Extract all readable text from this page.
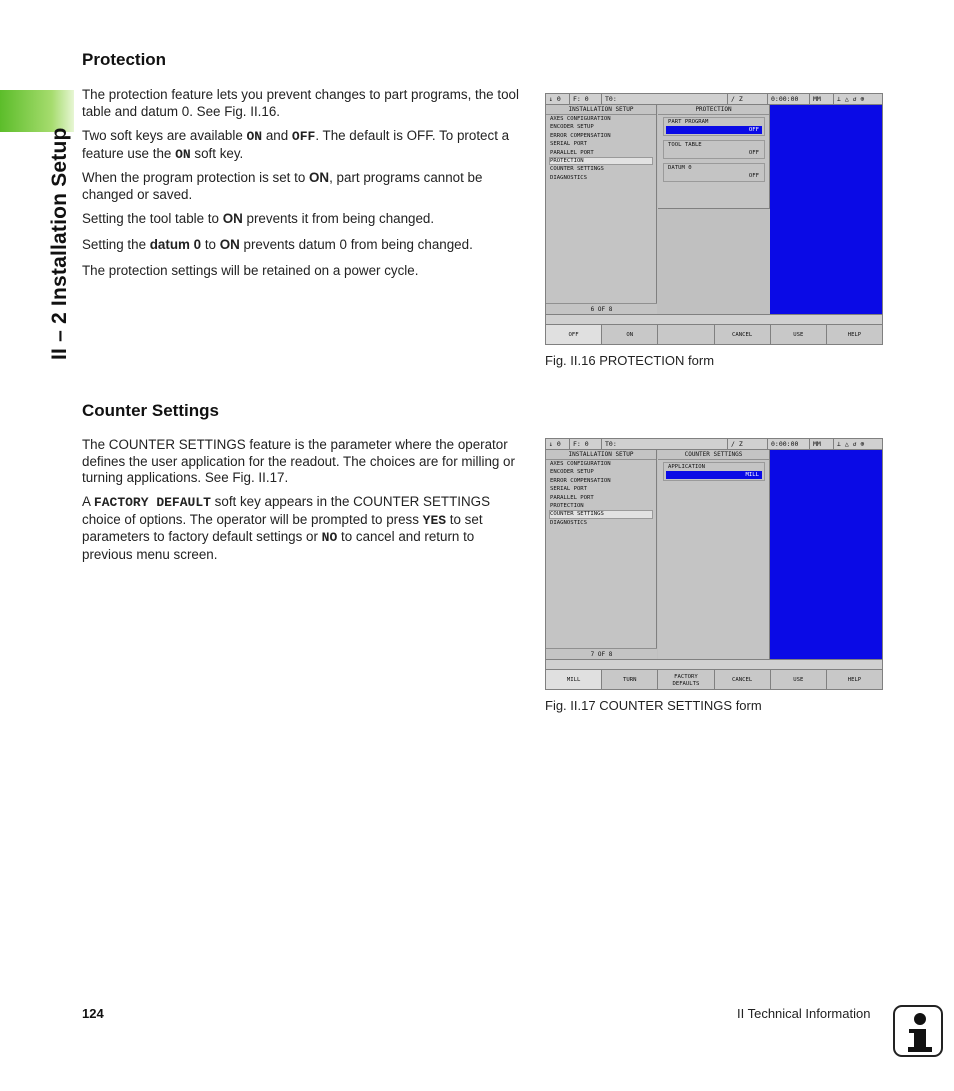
II – 2 Installation Setup
Protection

The protection feature lets you prevent changes to part programs, the tool table and datum 0. See Fig. II.16.

Two soft keys are available ON and OFF. The default is OFF. To protect a feature use the ON soft key.

When the program protection is set to ON, part programs cannot be changed or saved.

Setting the tool table to ON prevents it from being changed.

Setting the datum 0 to ON prevents datum 0 from being changed.

The protection settings will be retained on a power cycle.

↓ 0	F: 0	T0:	/ Z	0:00:00	MM	⊥ △ ↺ ⊕
INSTALLATION SETUP
AXES CONFIGURATION
ENCODER SETUP
ERROR COMPENSATION
SERIAL PORT
PARALLEL PORT
PROTECTION
COUNTER SETTINGS
DIAGNOSTICS
6 OF 8
PROTECTION
PART PROGRAM
OFF
TOOL TABLE
OFF
DATUM 0
OFF
OFF	ON	CANCEL	USE	HELP
Fig. II.16 PROTECTION form
Counter Settings

The COUNTER SETTINGS feature is the parameter where the operator defines the user application for the readout. The choices are for milling or turning applications. See Fig. II.17.

A FACTORY DEFAULT soft key appears in the COUNTER SETTINGS choice of options. The operator will be prompted to press YES to set parameters to factory default settings or NO to cancel and return to previous menu screen.

↓ 0	F: 0	T0:	/ Z	0:00:00	MM	⊥ △ ↺ ⊕
INSTALLATION SETUP
AXES CONFIGURATION
ENCODER SETUP
ERROR COMPENSATION
SERIAL PORT
PARALLEL PORT
PROTECTION
COUNTER SETTINGS
DIAGNOSTICS
7 OF 8
COUNTER SETTINGS
APPLICATION
MILL
MILL	TURN
FACTORY
DEFAULTS
CANCEL	USE	HELP
Fig. II.17 COUNTER SETTINGS form
124	II Technical Information
